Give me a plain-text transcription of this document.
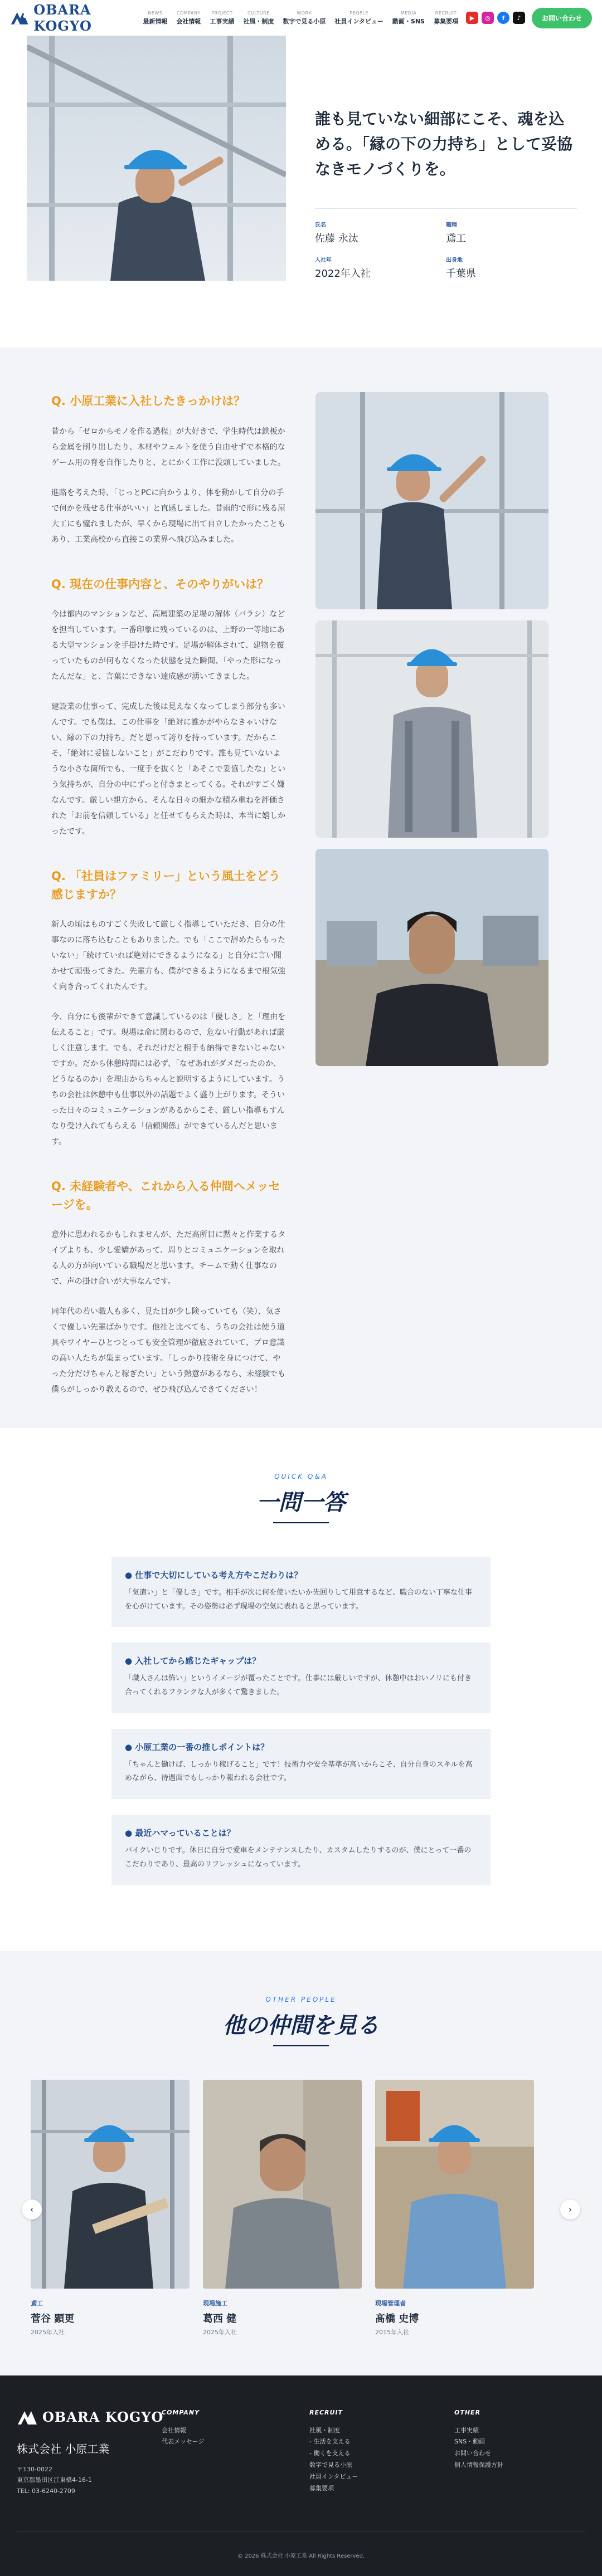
OBARA KOGYO
NEWS
最新情報
COMPANY
会社情報
PROJECT
工事実績
CULTURE
社風・制度
WORK
数字で見る小原
PEOPLE
社員インタビュー
MEDIA
動画・SNS
RECRUIT
募集要項	▶	◎	f	♪	お問い合わせ
誰も見ていない細部にこそ、魂を込める。「縁の下の力持ち」として妥協なきモノづくりを。
氏名
佐藤 永汰
職種
鳶工
入社年
2022年入社
出身地
千葉県
Q. 小原工業に入社したきっかけは？

昔から「ゼロからモノを作る過程」が大好きで、学生時代は鉄板から金属を削り出したり、木材やフェルトを使う自由せずで本格的なゲーム用の脊を自作したりと、とにかく工作に没頭していました。

進路を考えた時、「じっとPCに向かうより、体を動かして自分の手で何かを残せる仕事がいい」と直感しました。昔雨的で形に残る屋大工にも憧れましたが、早くから現場に出て自立したかったこともあり、工業高校から直接この業界へ飛び込みました。

Q. 現在の仕事内容と、そのやりがいは？

今は都内のマンションなど、高層建築の足場の解体（バラシ）などを担当しています。一番印象に残っているのは、上野の一等地にある大型マンションを手掛けた時です。足場が解体されて、建物を覆っていたものが何もなくなった状態を見た瞬間、「やった形になったんだな」と、言葉にできない達成感が湧いてきました。

建設業の仕事って、完成した後は見えなくなってしまう部分も多いんです。でも僕は、この仕事を「絶対に誰かがやらなきゃいけない、縁の下の力持ち」だと思って誇りを持っています。だからこそ、「絶対に妥協しないこと」がこだわりです。誰も見ていないような小さな箇所でも、一度手を抜くと「あそこで妥協したな」という気持ちが、自分の中にずっと付きまとってくる。それがすごく嫌なんです。厳しい親方から、そんな日々の細かな積み重ねを評価された「お前を信頼している」と任せてもらえた時は、本当に嬉しかったです。

Q. 「社員はファミリー」という風土をどう感じますか？

新人の頃はものすごく失敗して厳しく指導していただき、自分の仕事なのに落ち込むこともありました。でも「ここで辞めたらもったいない」「続けていれば絶対にできるようになる」と自分に言い聞かせて頑張ってきた。先輩方も、僕ができるようになるまで根気強く向き合ってくれたんです。

今、自分にも後輩ができて意識しているのは「優しさ」と「理由を伝えること」です。現場は命に関わるので、危ない行動があれば厳しく注意します。でも、それだけだと相手も納得できないじゃないですか。だから休憩時間には必ず、「なぜあれがダメだったのか、どうなるのか」を理由からちゃんと説明するようにしています。うちの会社は休憩中も仕事以外の話題でよく盛り上がります。そういった日々のコミュニケーションがあるからこそ、厳しい指導もすんなり受け入れてもらえる「信頼関係」ができているんだと思います。

Q. 未経験者や、これから入る仲間へメッセージを。

意外に思われるかもしれませんが、ただ高所目に黙々と作業するタイプよりも、少し愛嬌があって、周りとコミュニケーションを取れる人の方が向いている職場だと思います。チームで動く仕事なので、声の掛け合いが大事なんです。

同年代の若い職人も多く、見た目が少し険っていても（笑）、気さくで優しい先輩ばかりです。他社と比べても、うちの会社は使う道具やワイヤーひとつとっても安全管理が徹底されていて、プロ意識の高い人たちが集まっています。「しっかり技術を身につけて、やった分だけちゃんと稼ぎたい」という熱意があるなら、未経験でも僕らがしっかり教えるので、ぜひ飛び込んできてください！

QUICK Q&A
一問一答
● 仕事で大切にしている考え方やこだわりは？
「気遣い」と「優しさ」です。相手が次に何を使いたいか先回りして用意するなど、職合のない丁寧な仕事を心がけています。その姿勢は必ず現場の空気に表れると思っています。
● 入社してから感じたギャップは？
「職人さんは怖い」というイメージが覆ったことです。仕事には厳しいですが、休憩中はおいノリにも付き合ってくれるフランクな人が多くて驚きました。
● 小原工業の一番の推しポイントは？
「ちゃんと働けば、しっかり稼げること」です！技術力や安全基準が高いからこそ、自分自身のスキルを高めながら、待遇面でもしっかり報われる会社です。
● 最近ハマっていることは？
バイクいじりです。休日に自分で愛車をメンテナンスしたり、カスタムしたりするのが、僕にとって一番のこだわりであり、最高のリフレッシュになっています。
OTHER PEOPLE
他の仲間を見る
‹
鳶工
菅谷 顕更
2025年入社
現場施工
葛西 健
2025年入社
現場管理者
髙橋 史博
2015年入社
›
OBARA KOGYO
株式会社 小原工業
〒130-0022
東京都墨田区江東橋4-16-1
TEL: 03-6240-2709
COMPANY
会社情報
代表メッセージ
RECRUIT
社風・制度
- 生活を支える
- 働くを支える
数字で見る小原
社員インタビュー
募集要項
OTHER
工事実績
SNS・動画
お問い合わせ
個人情報保護方針
© 2026 株式会社 小原工業 All Rights Reserved.
